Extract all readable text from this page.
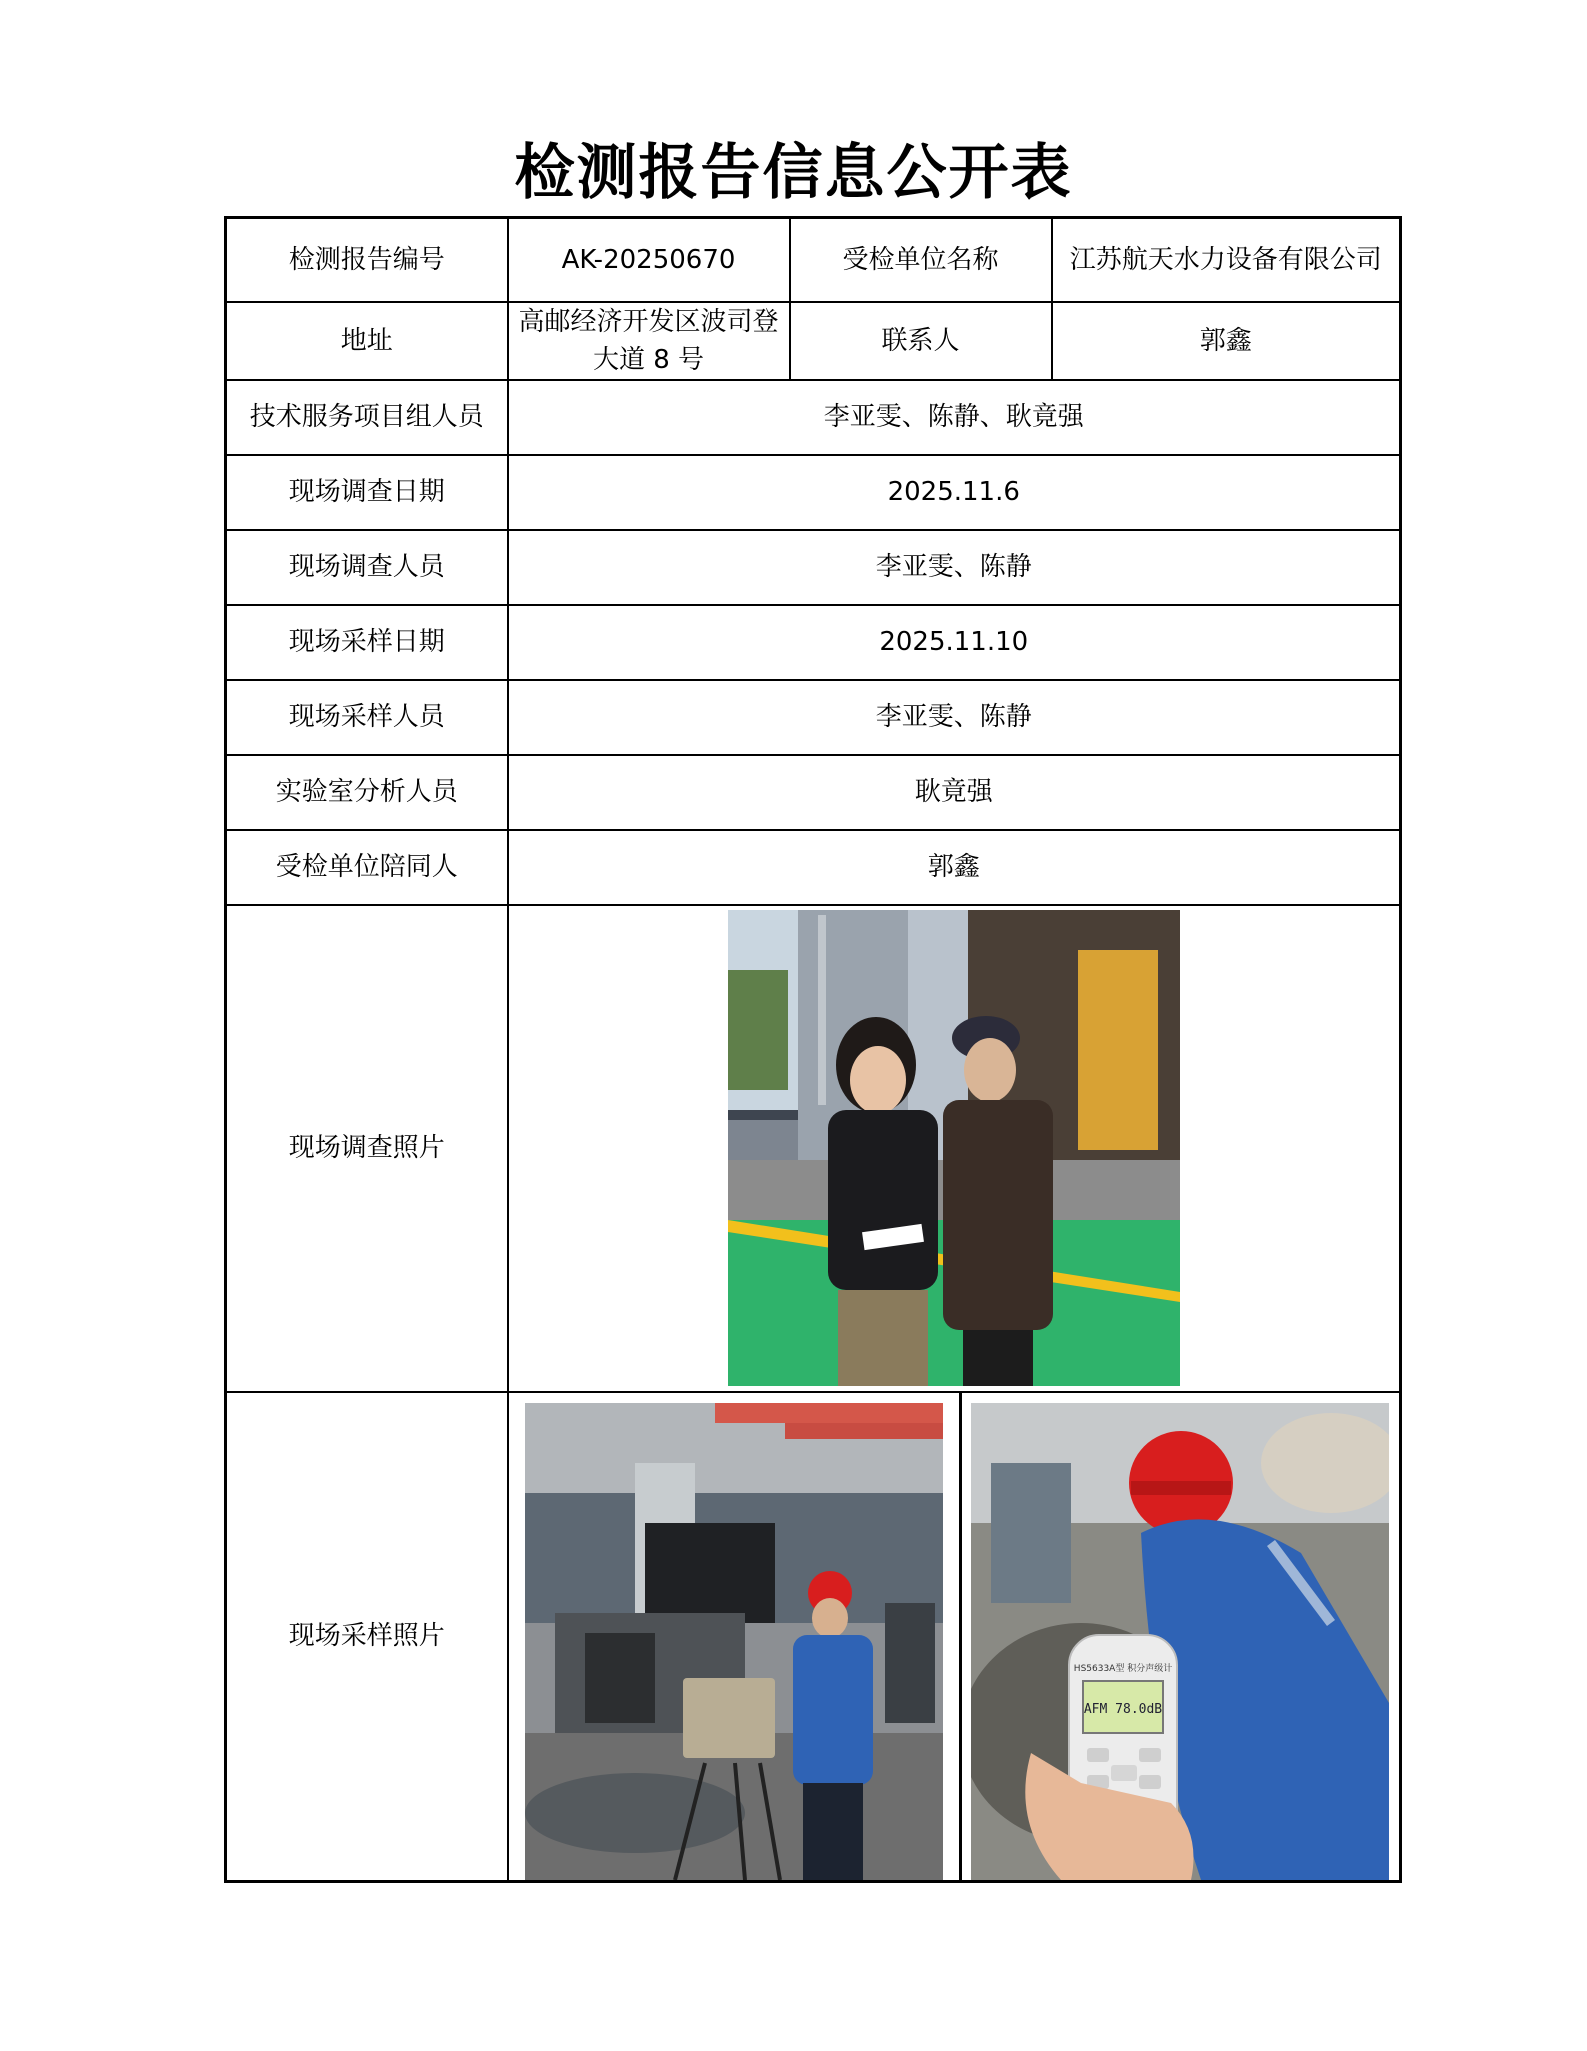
检测报告信息公开表
检测报告编号	AK-20250670	受检单位名称	江苏航天水力设备有限公司
地址	高邮经济开发区波司登大道 8 号	联系人	郭鑫
技术服务项目组人员	李亚雯、陈静、耿竟强		
现场调查日期	2025.11.6		
现场调查人员	李亚雯、陈静		
现场采样日期	2025.11.10		
现场采样人员	李亚雯、陈静		
实验室分析人员	耿竟强		
受检单位陪同人	郭鑫		
现场调查照片	

现场采样照片	HS5633A型 积分声级计
AFM 78.0dB		
